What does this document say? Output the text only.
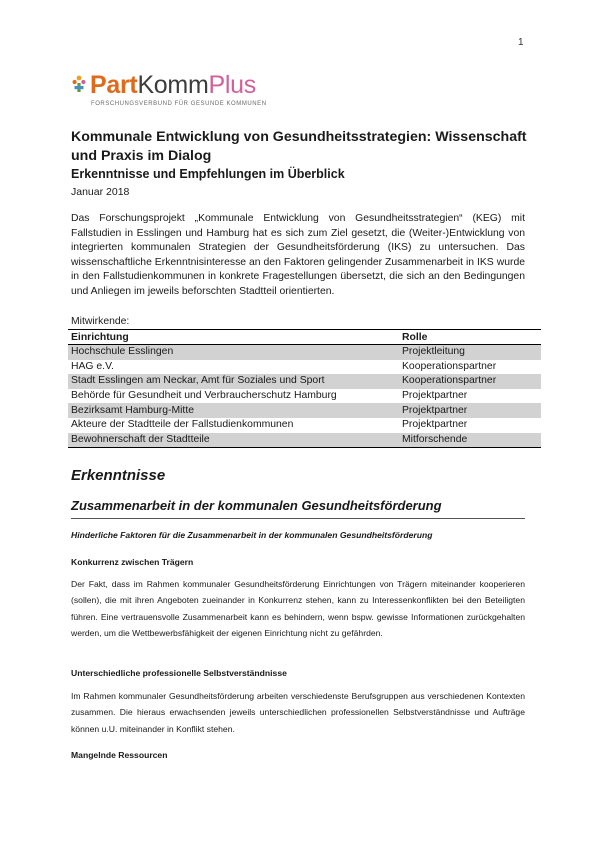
1
PartKommPlus
FORSCHUNGSVERBUND FÜR GESUNDE KOMMUNEN
Kommunale Entwicklung von Gesundheitsstrategien: Wissenschaft und Praxis im Dialog
Erkenntnisse und Empfehlungen im Überblick
Januar 2018

Das Forschungsprojekt „Kommunale Entwicklung von Gesundheitsstrategien“ (KEG) mit Fallstudien in Esslingen und Hamburg hat es sich zum Ziel gesetzt, die (Weiter-)Entwicklung von integrierten kommunalen Strategien der Gesundheitsförderung (IKS) zu untersuchen. Das wissenschaftliche Erkenntnisinteresse an den Faktoren gelingender Zusammenarbeit in IKS wurde in den Fallstudienkommunen in konkrete Fragestellungen übersetzt, die sich an den Bedingungen und Anliegen im jeweils beforschten Stadtteil orientierten.

Mitwirkende:
Einrichtung	Rolle
Hochschule Esslingen	Projektleitung
HAG e.V.	Kooperationspartner
Stadt Esslingen am Neckar, Amt für Soziales und Sport	Kooperationspartner
Behörde für Gesundheit und Verbraucherschutz Hamburg	Projektpartner
Bezirksamt Hamburg-Mitte	Projektpartner
Akteure der Stadtteile der Fallstudienkommunen	Projektpartner
Bewohnerschaft der Stadtteile	Mitforschende
Erkenntnisse
Zusammenarbeit in der kommunalen Gesundheitsförderung
Hinderliche Faktoren für die Zusammenarbeit in der kommunalen Gesundheitsförderung
Konkurrenz zwischen Trägern

Der Fakt, dass im Rahmen kommunaler Gesundheitsförderung Einrichtungen von Trägern miteinander kooperieren (sollen), die mit ihren Angeboten zueinander in Konkurrenz stehen, kann zu Interessenkonflikten bei den Beteiligten führen. Eine vertrauensvolle Zusammenarbeit kann es behindern, wenn bspw. gewisse Informationen zurückgehalten werden, um die Wettbewerbsfähigkeit der eigenen Einrichtung nicht zu gefährden.

Unterschiedliche professionelle Selbstverständnisse

Im Rahmen kommunaler Gesundheitsförderung arbeiten verschiedenste Berufsgruppen aus verschiedenen Kontexten zusammen. Die hieraus erwachsenden jeweils unterschiedlichen professionellen Selbstverständnisse und Aufträge können u.U. miteinander in Konflikt stehen.

Mangelnde Ressourcen
